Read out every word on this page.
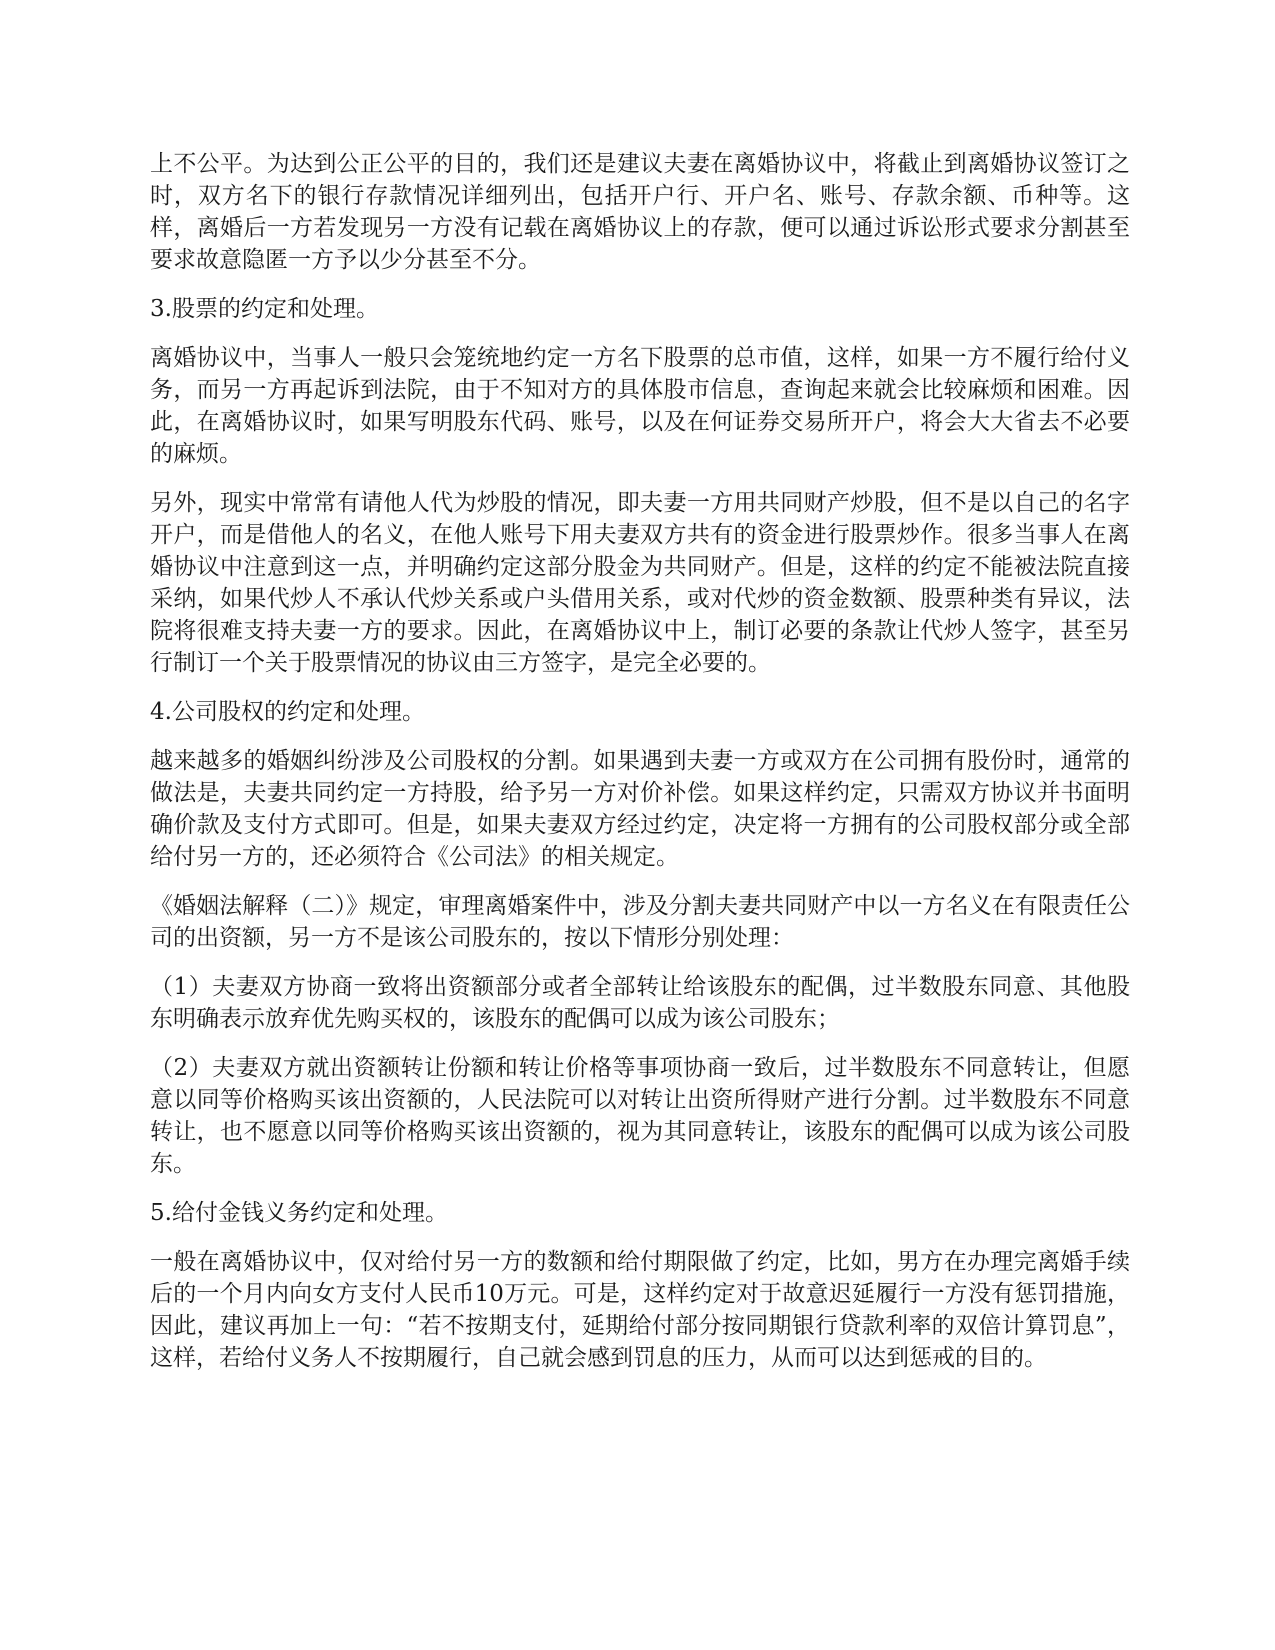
上不公平。为达到公正公平的目的，我们还是建议夫妻在离婚协议中，将截止到离婚协议签订之时，双方名下的银行存款情况详细列出，包括开户行、开户名、账号、存款余额、币种等。这样，离婚后一方若发现另一方没有记载在离婚协议上的存款，便可以通过诉讼形式要求分割甚至要求故意隐匿一方予以少分甚至不分。

3.股票的约定和处理。

离婚协议中，当事人一般只会笼统地约定一方名下股票的总市值，这样，如果一方不履行给付义务，而另一方再起诉到法院，由于不知对方的具体股市信息，查询起来就会比较麻烦和困难。因此，在离婚协议时，如果写明股东代码、账号，以及在何证券交易所开户，将会大大省去不必要的麻烦。

另外，现实中常常有请他人代为炒股的情况，即夫妻一方用共同财产炒股，但不是以自己的名字开户，而是借他人的名义，在他人账号下用夫妻双方共有的资金进行股票炒作。很多当事人在离婚协议中注意到这一点，并明确约定这部分股金为共同财产。但是，这样的约定不能被法院直接采纳，如果代炒人不承认代炒关系或户头借用关系，或对代炒的资金数额、股票种类有异议，法院将很难支持夫妻一方的要求。因此，在离婚协议中上，制订必要的条款让代炒人签字，甚至另行制订一个关于股票情况的协议由三方签字，是完全必要的。

4.公司股权的约定和处理。

越来越多的婚姻纠纷涉及公司股权的分割。如果遇到夫妻一方或双方在公司拥有股份时，通常的做法是，夫妻共同约定一方持股，给予另一方对价补偿。如果这样约定，只需双方协议并书面明确价款及支付方式即可。但是，如果夫妻双方经过约定，决定将一方拥有的公司股权部分或全部给付另一方的，还必须符合《公司法》的相关规定。

《婚姻法解释（二）》规定，审理离婚案件中，涉及分割夫妻共同财产中以一方名义在有限责任公司的出资额，另一方不是该公司股东的，按以下情形分别处理：

（1）夫妻双方协商一致将出资额部分或者全部转让给该股东的配偶，过半数股东同意、其他股东明确表示放弃优先购买权的，该股东的配偶可以成为该公司股东；

（2）夫妻双方就出资额转让份额和转让价格等事项协商一致后，过半数股东不同意转让，但愿意以同等价格购买该出资额的，人民法院可以对转让出资所得财产进行分割。过半数股东不同意转让，也不愿意以同等价格购买该出资额的，视为其同意转让，该股东的配偶可以成为该公司股东。

5.给付金钱义务约定和处理。

一般在离婚协议中，仅对给付另一方的数额和给付期限做了约定，比如，男方在办理完离婚手续后的一个月内向女方支付人民币10万元。可是，这样约定对于故意迟延履行一方没有惩罚措施，因此，建议再加上一句：“若不按期支付，延期给付部分按同期银行贷款利率的双倍计算罚息”，这样，若给付义务人不按期履行，自己就会感到罚息的压力，从而可以达到惩戒的目的。
